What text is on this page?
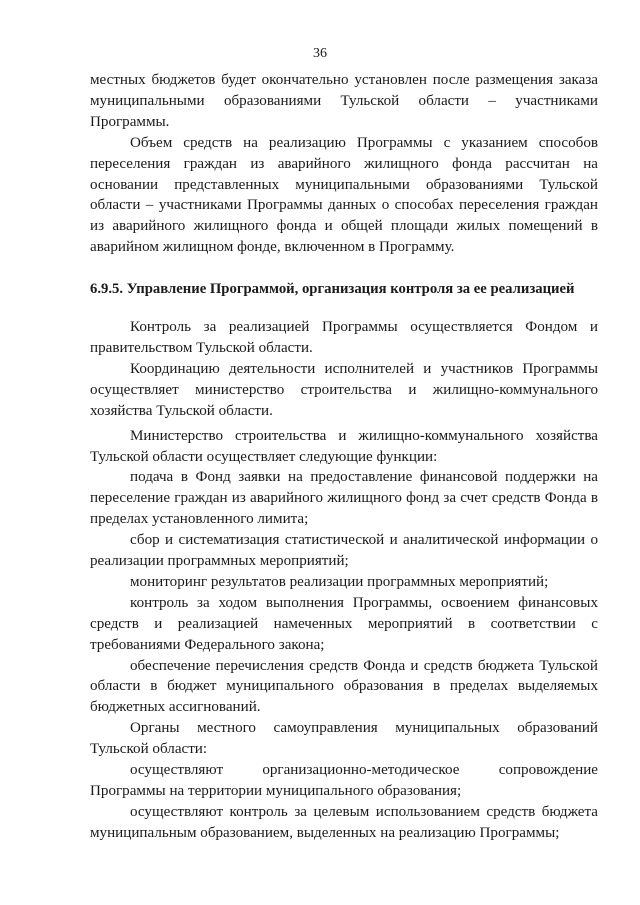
36

местных бюджетов будет окончательно установлен после размещения заказа муниципальными образованиями Тульской области – участниками Программы.

Объем средств на реализацию Программы с указанием способов переселения граждан из аварийного жилищного фонда рассчитан на основании представленных муниципальными образованиями Тульской области – участниками Программы данных о способах переселения граждан из аварийного жилищного фонда и общей площади жилых помещений в аварийном жилищном фонде, включенном в Программу.

6.9.5. Управление Программой, организация контроля за ее реализацией

Контроль за реализацией Программы осуществляется Фондом и правительством Тульской области.

Координацию деятельности исполнителей и участников Программы осуществляет министерство строительства и жилищно-коммунального хозяйства Тульской области.

Министерство строительства и жилищно-коммунального хозяйства Тульской области осуществляет следующие функции:

подача в Фонд заявки на предоставление финансовой поддержки на переселение граждан из аварийного жилищного фонд за счет средств Фонда в пределах установленного лимита;

сбор и систематизация статистической и аналитической информации о реализации программных мероприятий;

мониторинг результатов реализации программных мероприятий;

контроль за ходом выполнения Программы, освоением финансовых средств и реализацией намеченных мероприятий в соответствии с требованиями Федерального закона;

обеспечение перечисления средств Фонда и средств бюджета Тульской области в бюджет муниципального образования в пределах выделяемых бюджетных ассигнований.

Органы местного самоуправления муниципальных образований Тульской области:

осуществляют организационно-методическое сопровождение Программы на территории муниципального образования;

осуществляют контроль за целевым использованием средств бюджета муниципальным образованием, выделенных на реализацию Программы;
